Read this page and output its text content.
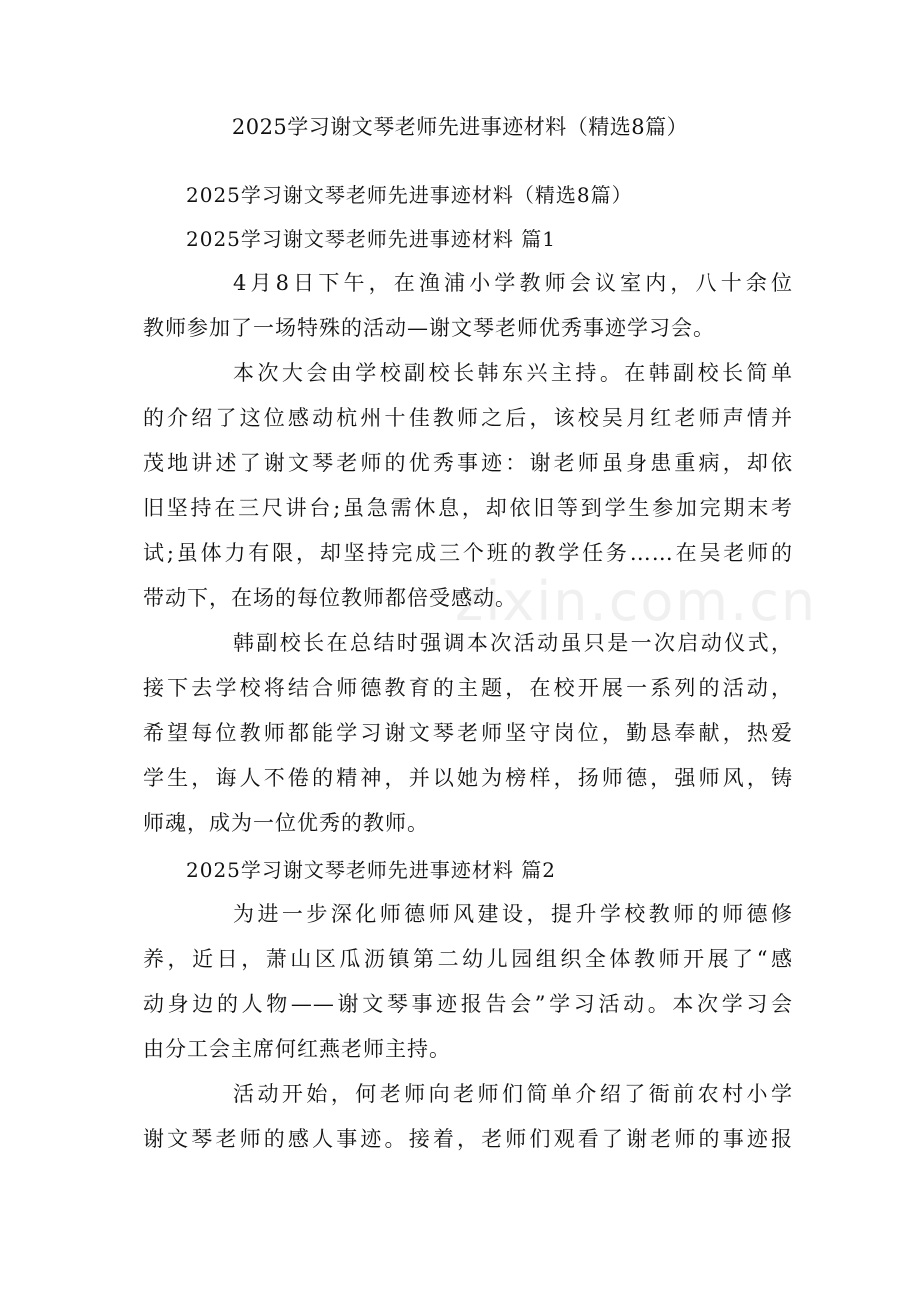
2025学习谢文琴老师先进事迹材料（精选8篇）
2025学习谢文琴老师先进事迹材料（精选8篇）
2025学习谢文琴老师先进事迹材料 篇1
4月8日下午，在渔浦小学教师会议室内，八十余位
教师参加了一场特殊的活动—谢文琴老师优秀事迹学习会。
本次大会由学校副校长韩东兴主持。在韩副校长简单
的介绍了这位感动杭州十佳教师之后，该校吴月红老师声情并
茂地讲述了谢文琴老师的优秀事迹：谢老师虽身患重病，却依
旧坚持在三尺讲台;虽急需休息，却依旧等到学生参加完期末考
试;虽体力有限，却坚持完成三个班的教学任务……在吴老师的
带动下，在场的每位教师都倍受感动。
韩副校长在总结时强调本次活动虽只是一次启动仪式，
接下去学校将结合师德教育的主题，在校开展一系列的活动，
希望每位教师都能学习谢文琴老师坚守岗位，勤恳奉献，热爱
学生，诲人不倦的精神，并以她为榜样，扬师德，强师风，铸
师魂，成为一位优秀的教师。
2025学习谢文琴老师先进事迹材料 篇2
为进一步深化师德师风建设，提升学校教师的师德修
养，近日，萧山区瓜沥镇第二幼儿园组织全体教师开展了“感
动身边的人物——谢文琴事迹报告会”学习活动。本次学习会
由分工会主席何红燕老师主持。
活动开始，何老师向老师们简单介绍了衙前农村小学
谢文琴老师的感人事迹。接着，老师们观看了谢老师的事迹报
zixin.com.cn
